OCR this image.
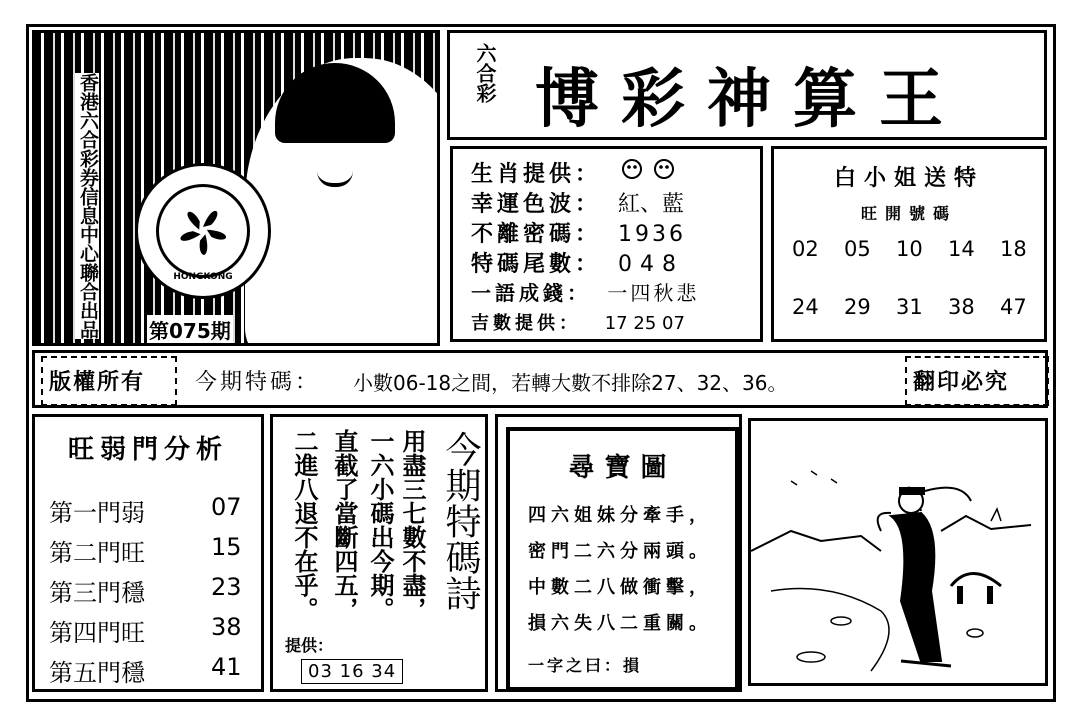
香港六合彩券信息中心聯合出品	HONGKONG
第075期
六合彩 博彩神算王
生肖提供：
幸運色波： 紅、藍
不離密碼： 1936
特碼尾數： 048
一語成錢： 一四秋悲
吉數提供： 17 25 07
白小姐送特
旺開號碼
02 05 10 14 18
24 29 31 38 47
版權所有 今期特碼： 小數06-18之間，若轉大數不排除27、32、36。	翻印必究
旺弱門分析
第一門弱	07
第二門旺	15
第三門穩	23
第四門旺	38
第五門穩	41
用盡三七數不盡，
一六小碼出今期。
直截了當斷四五，
二進八退不在乎。	今期特碼詩
提供：
03 16 34
尋寶圖
四六姐妹分牽手，
密門二六分兩頭。
中數二八做衝擊，
損六失八二重關。
一字之曰：損
